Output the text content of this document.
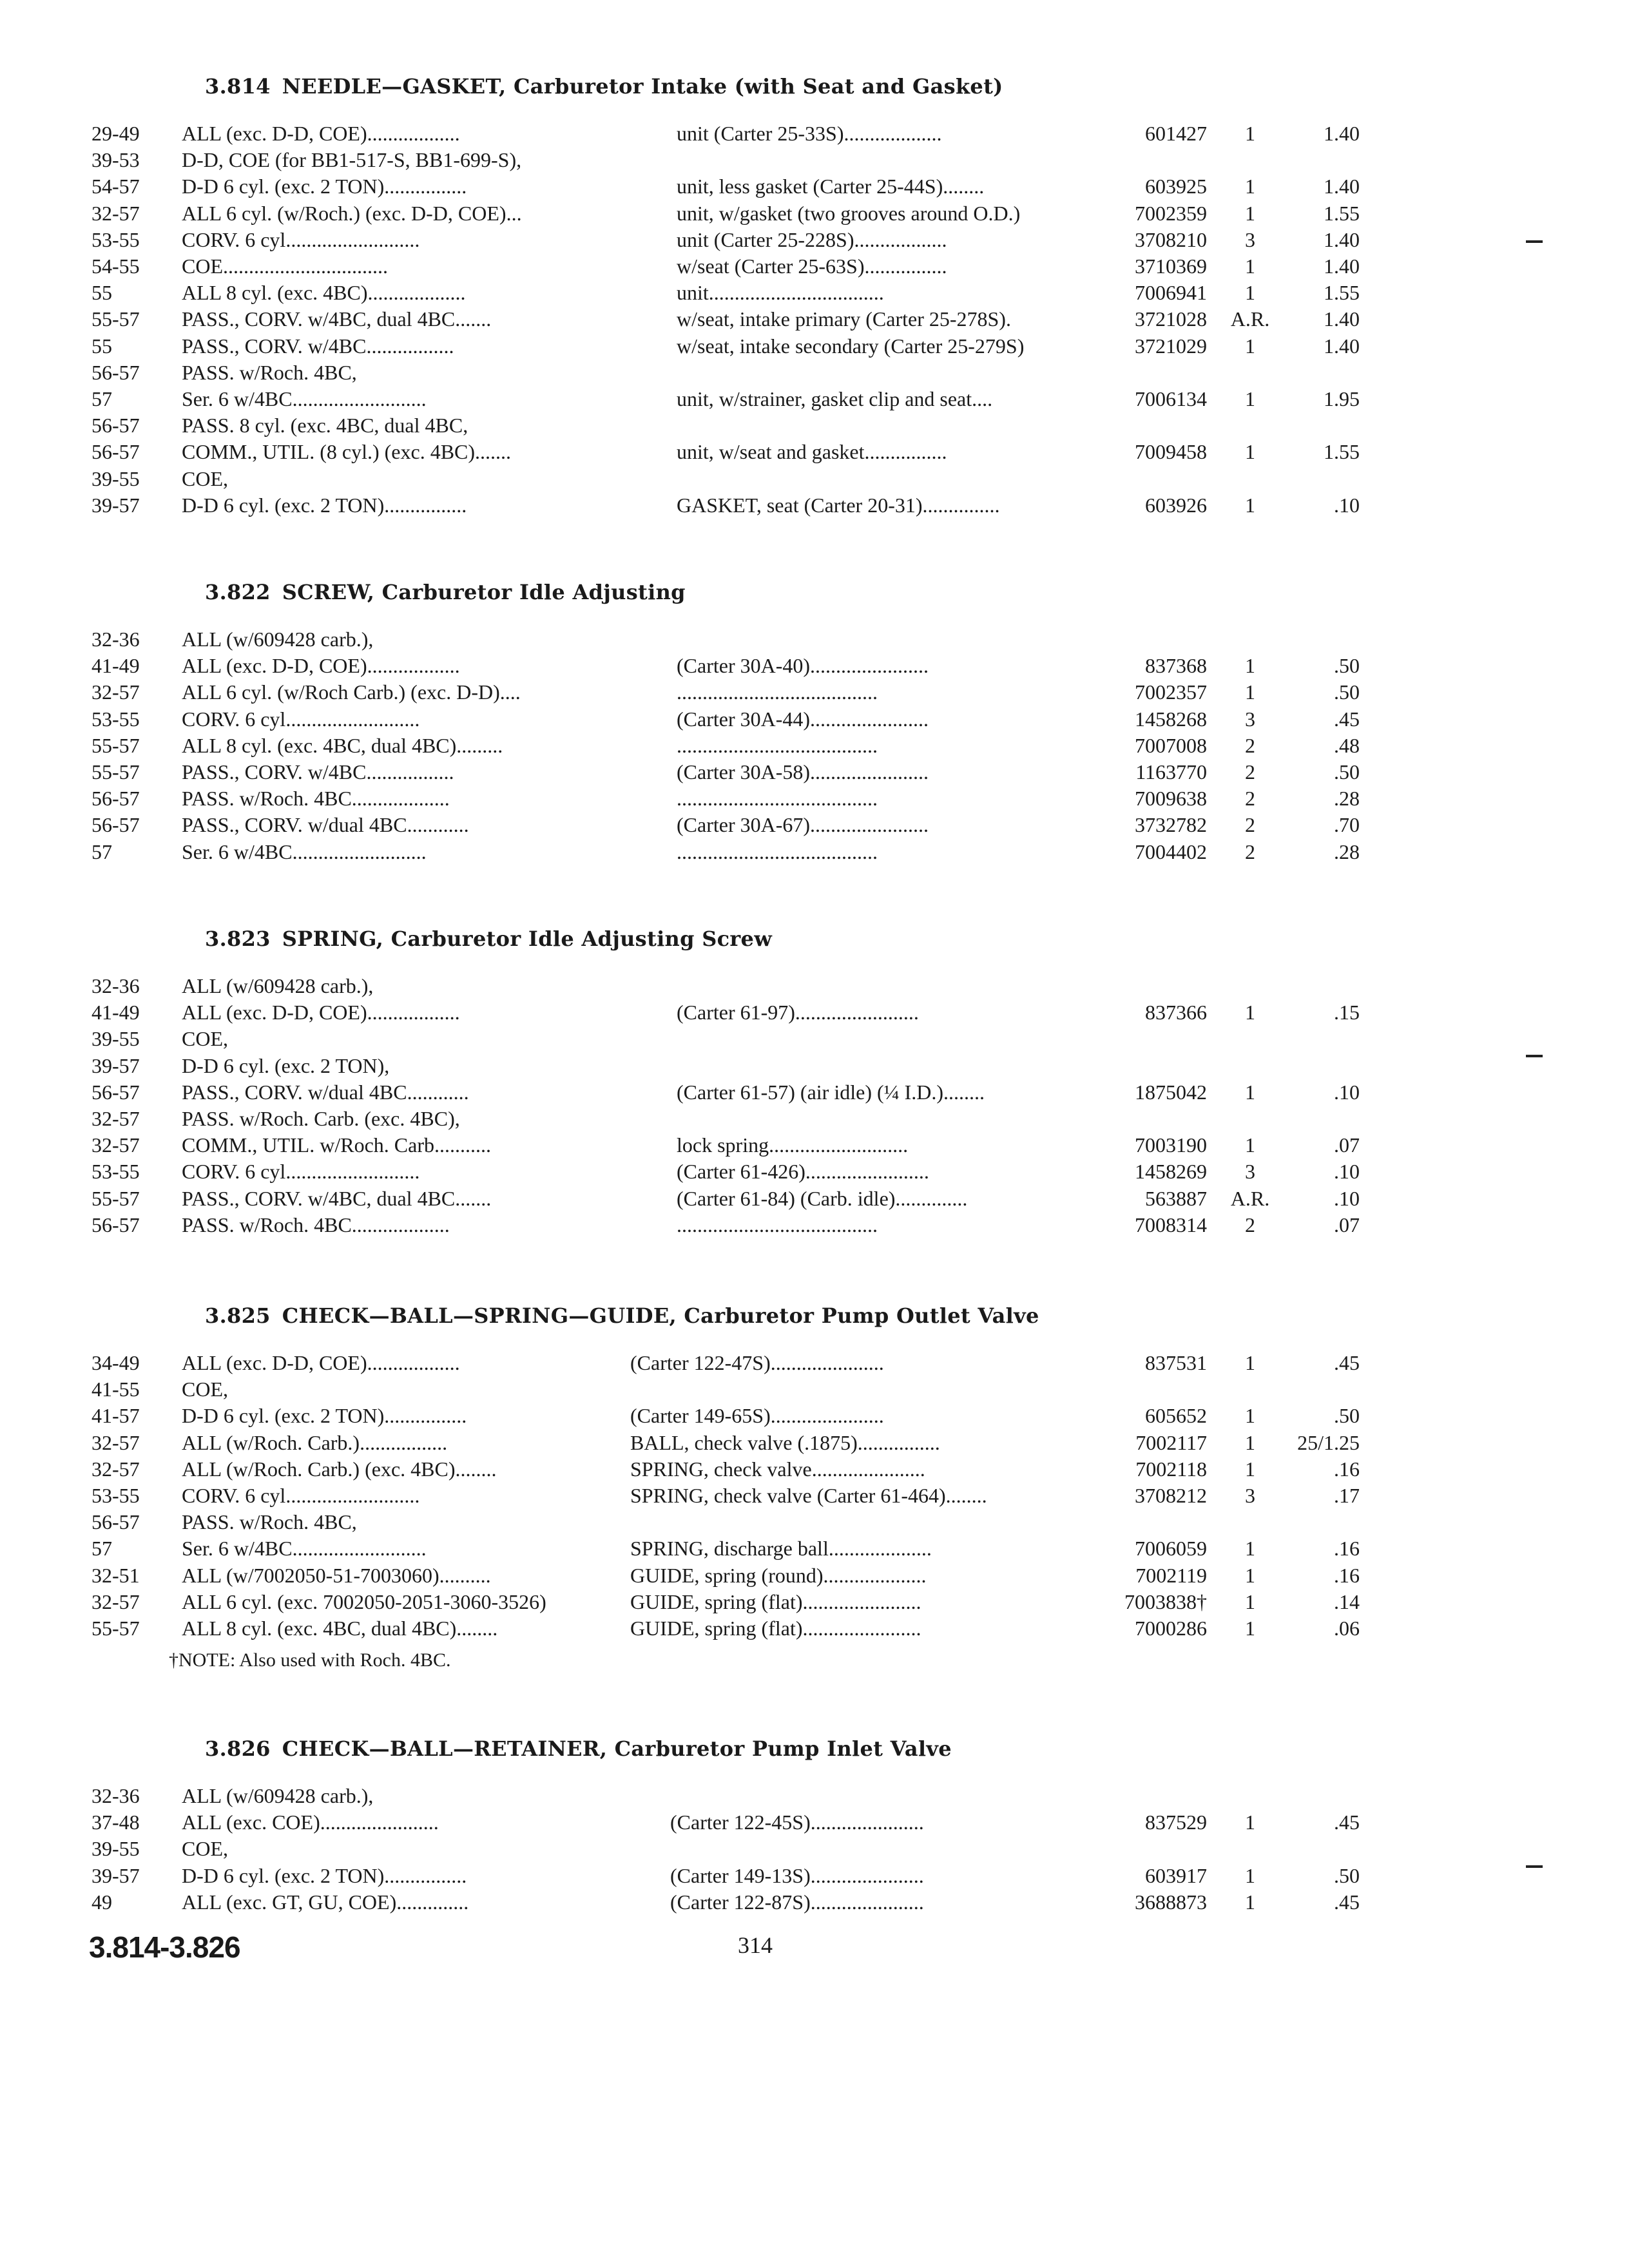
3.814 NEEDLE—GASKET, Carburetor Intake (with Seat and Gasket)
29-49 ALL (exc. D-D, COE)..................	unit (Carter 25-33S)...................	601427	1	1.40
39-53 D-D, COE (for BB1-517-S, BB1-699-S),
54-57 D-D 6 cyl. (exc. 2 TON)................	unit, less gasket (Carter 25-44S)........	603925	1	1.40
32-57 ALL 6 cyl. (w/Roch.) (exc. D-D, COE)...	unit, w/gasket (two grooves around O.D.)	7002359	1	1.55
53-55 CORV. 6 cyl..........................	unit (Carter 25-228S)..................	3708210	3	1.40
54-55 COE................................	w/seat (Carter 25-63S)................	3710369	1	1.40
55	ALL 8 cyl. (exc. 4BC)...................	unit..................................	7006941	1	1.55
55-57 PASS., CORV. w/4BC, dual 4BC.......	w/seat, intake primary (Carter 25-278S).	3721028	A.R.	1.40
55	PASS., CORV. w/4BC.................	w/seat, intake secondary (Carter 25-279S)	3721029	1	1.40
56-57 PASS. w/Roch. 4BC,
57	Ser. 6 w/4BC..........................	unit, w/strainer, gasket clip and seat....	7006134	1	1.95
56-57 PASS. 8 cyl. (exc. 4BC, dual 4BC,
56-57 COMM., UTIL. (8 cyl.) (exc. 4BC).......	unit, w/seat and gasket................	7009458	1	1.55
39-55 COE,
39-57 D-D 6 cyl. (exc. 2 TON)................	GASKET, seat (Carter 20-31)...............	603926	1	.10
3.822 SCREW, Carburetor Idle Adjusting
32-36 ALL (w/609428 carb.),
41-49 ALL (exc. D-D, COE)..................	(Carter 30A-40).......................	837368	1	.50
32-57 ALL 6 cyl. (w/Roch Carb.) (exc. D-D)....	.......................................	7002357	1	.50
53-55 CORV. 6 cyl..........................	(Carter 30A-44).......................	1458268	3	.45
55-57 ALL 8 cyl. (exc. 4BC, dual 4BC).........	.......................................	7007008	2	.48
55-57 PASS., CORV. w/4BC.................	(Carter 30A-58).......................	1163770	2	.50
56-57 PASS. w/Roch. 4BC...................	.......................................	7009638	2	.28
56-57 PASS., CORV. w/dual 4BC............	(Carter 30A-67).......................	3732782	2	.70
57	Ser. 6 w/4BC..........................	.......................................	7004402	2	.28
3.823 SPRING, Carburetor Idle Adjusting Screw
32-36 ALL (w/609428 carb.),
41-49 ALL (exc. D-D, COE)..................	(Carter 61-97)........................	837366	1	.15
39-55 COE,
39-57 D-D 6 cyl. (exc. 2 TON),
56-57 PASS., CORV. w/dual 4BC............	(Carter 61-57) (air idle) (¼ I.D.)........	1875042	1	.10
32-57 PASS. w/Roch. Carb. (exc. 4BC),
32-57 COMM., UTIL. w/Roch. Carb...........	lock spring...........................	7003190	1	.07
53-55 CORV. 6 cyl..........................	(Carter 61-426)........................	1458269	3	.10
55-57 PASS., CORV. w/4BC, dual 4BC.......	(Carter 61-84) (Carb. idle)..............	563887	A.R.	.10
56-57 PASS. w/Roch. 4BC...................	.......................................	7008314	2	.07
3.825 CHECK—BALL—SPRING—GUIDE, Carburetor Pump Outlet Valve
34-49 ALL (exc. D-D, COE)..................	(Carter 122-47S)......................	837531	1	.45
41-55 COE,
41-57 D-D 6 cyl. (exc. 2 TON)................	(Carter 149-65S)......................	605652	1	.50
32-57 ALL (w/Roch. Carb.).................	BALL, check valve (.1875)................	7002117	1	25/1.25
32-57 ALL (w/Roch. Carb.) (exc. 4BC)........	SPRING, check valve......................	7002118	1	.16
53-55 CORV. 6 cyl..........................	SPRING, check valve (Carter 61-464)........	3708212	3	.17
56-57 PASS. w/Roch. 4BC,
57	Ser. 6 w/4BC..........................	SPRING, discharge ball....................	7006059	1	.16
32-51 ALL (w/7002050-51-7003060)..........	GUIDE, spring (round)....................	7002119	1	.16
32-57 ALL 6 cyl. (exc. 7002050-2051-3060-3526)	GUIDE, spring (flat).......................	7003838†	1	.14
55-57 ALL 8 cyl. (exc. 4BC, dual 4BC)........	GUIDE, spring (flat).......................	7000286	1	.06
†NOTE: Also used with Roch. 4BC.
3.826 CHECK—BALL—RETAINER, Carburetor Pump Inlet Valve
32-36 ALL (w/609428 carb.),
37-48 ALL (exc. COE).......................	(Carter 122-45S)......................	837529	1	.45
39-55 COE,
39-57 D-D 6 cyl. (exc. 2 TON)................	(Carter 149-13S)......................	603917	1	.50
49	ALL (exc. GT, GU, COE)..............	(Carter 122-87S)......................	3688873	1	.45
3.814-3.826	314
